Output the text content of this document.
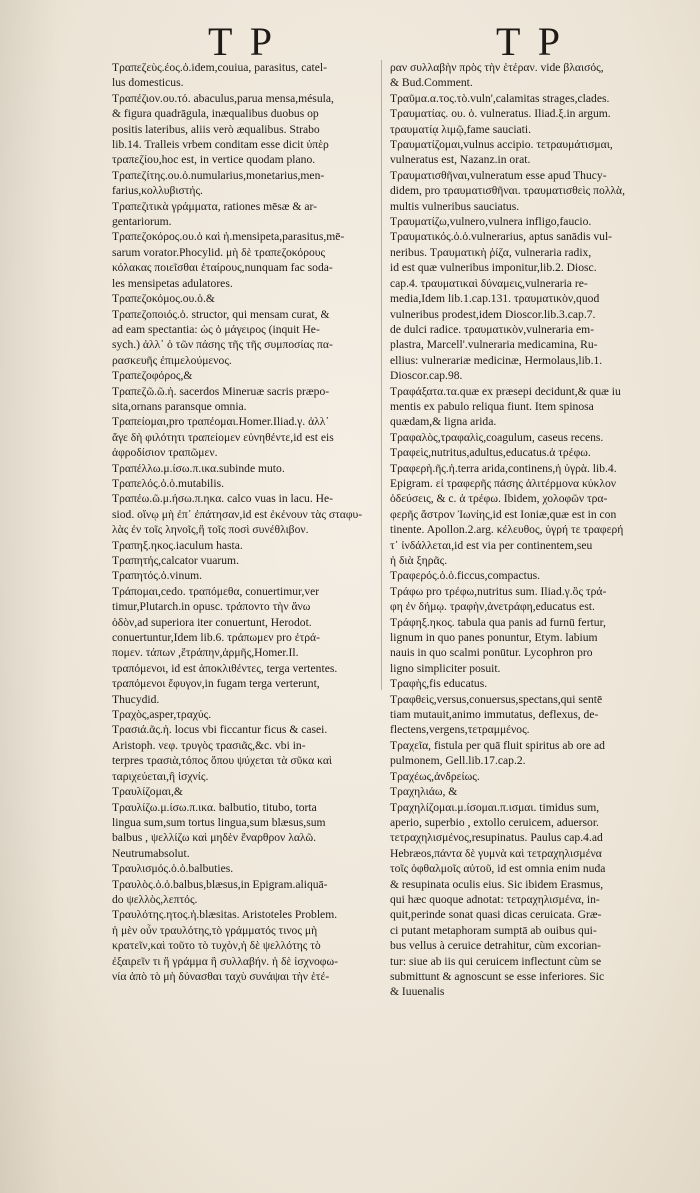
T P	T P
Τραπεζεὺς.έος.ὁ.idem,couiua, parasitus, catel-
lus domesticus.
Τραπέζιον.ου.τό. abaculus,parua mensa,mésula,
& figura quadrāgula, inæqualibus duobus op
positis lateribus, aliis verò æqualibus. Strabo
lib.14. Tralleis vrbem conditam esse dicit ὑπὲρ
τραπεζίου,hoc est, in vertice quodam plano.
Τραπεζίτης.ου.ὁ.numularius,monetarius,men-
farius,κολλυβιστής.
Τραπεζιτικὰ γράμματα, rationes mēsæ & ar-
gentariorum.
Τραπεζοκόρος.ου.ὁ καὶ ἡ.mensipeta,parasitus,mē-
sarum vorator.Phocylid. μὴ δὲ τραπεζοκόρους
κόλακας ποιεῖσθαι ἑταίρους,nunquam fac soda-
les mensipetas adulatores.
Τραπεζοκόμος.ου.ὁ.&
Τραπεζοποιός.ὁ. structor, qui mensam curat, &
ad eam spectantia: ὡς ὁ μάγειρος (inquit He-
sych.) ἀλλ᾽ ὁ τῶν πάσης τῆς τῆς συμποσίας πα-
ρασκευῆς ἐπιμελούμενος.
Τραπεζοφόρος,&
Τραπεζῶ.ῶ.ἡ. sacerdos Mineruæ sacris præpo-
sita,ornans paransque omnia.
Τραπείομαι,pro τραπέομαι.Homer.Iliad.γ. ἀλλ᾽
ἄγε δὴ φιλότητι τραπείομεν εὐνηθέντε,id est eis
ἀφροδίσιον τραπῶμεν.
Τραπέλλω.μ.ίσω.π.ικα.subinde muto.
Τραπελός.ὁ.ὁ.mutabilis.
Τραπέω.ῶ.μ.ήσω.π.ηκα. calco vuas in lacu. He-
siod. οἴνῳ μὴ ἐπ᾽ ἐπάτησαν,id est ἐκένουν τὰς σταφυ-
λὰς ἐν τοῖς ληνοῖς,ἢ τοῖς ποσὶ συνέθλιβον.
Τραπηξ.ηκος.iaculum hasta.
Τραπητής,calcator vuarum.
Τραπητός.ὁ.vinum.
Τράπομαι,cedo. τραπόμεθα, conuertimur,ver
timur,Plutarch.in opusc. τράποντο τὴν ἄνω
ὁδὸν,ad superiora iter conuertunt, Herodot.
conuertuntur,Idem lib.6. τράπωμεν pro ἐτρά-
πομεν. τάπων ,ἔτράπην,ἀρμῆς,Homer.Il.
τραπόμενοι, id est ἀποκλιθέντες, terga vertentes.
τραπόμενοι ἔφυγον,in fugam terga verterunt,
Thucydid.
Τραχὸς,asper,τραχύς.
Τρασιά.ᾶς.ἡ. locus vbi ficcantur ficus & casei.
Aristoph. νεφ. τρυγὸς τρασιᾶς,&c. vbi in-
terpres τρασιὰ,τόπος ὅπου ψύχεται τὰ σῦκα καὶ
ταριχεύεται,ἢ ἰσχνίς.
Τραυλίζομαι,&
Τραυλίζω.μ.ίσω.π.ικα. balbutio, titubo, torta
lingua sum,sum tortus lingua,sum blæsus,sum
balbus , ψελλίζω καὶ μηδὲν ἔναρθρον λαλῶ.
Neutrumabsolut.
Τραυλισμός.ὁ.ὁ.balbuties.
Τραυλὸς.ὁ.ὁ.balbus,blæsus,in Epigram.aliquā-
do ψελλὸς,λεπτός.
Τραυλότης.ητος.ἡ.blæsitas. Aristoteles Problem.
ἡ μὲν οὖν τραυλότης,τὸ γράμματός τινος μὴ
κρατεῖν,καὶ τοῦτο τὸ τυχὸν,ἡ δὲ ψελλότης τὸ
ἐξαιρεῖν τι ἢ γράμμα ἢ συλλαβήν. ἡ δὲ ἰσχνοφω-
νία ἀπὸ τὸ μὴ δύνασθαι ταχὺ συνάψαι τὴν ἑτέ-
ραν συλλαβὴν πρὸς τὴν ἑτέραν. vide βλαισός,
& Bud.Comment.
Τραῦμα.α.τος.τὸ.vuln',calamitas strages,clades.
Τραυματίας. ου. ὁ. vulneratus. Iliad.ξ.in argum.
τραυματίᾳ λιμῷ,fame sauciati.
Τραυματίζομαι,vulnus accipio. τετραυμάτισμαι,
vulneratus est, Nazanz.in orat.
Τραυματισθῆναι,vulneratum esse apud Thucy-
didem, pro τραυματισθῆναι. τραυματισθεὶς πολλὰ,
multis vulneribus sauciatus.
Τραυματίζω,vulnero,vulnera infligo,faucio.
Τραυματικός.ὁ.ὁ.vulnerarius, aptus sanādis vul-
neribus. Τραυματικὴ ῥίζα, vulneraria radix,
id est quæ vulneribus imponitur,lib.2. Diosc.
cap.4. τραυματικαὶ δύναμεις,vulneraria re-
media,Idem lib.1.cap.131. τραυματικὸν,quod
vulneribus prodest,idem Dioscor.lib.3.cap.7.
de dulci radice. τραυματικὸν,vulneraria em-
plastra, Marcell'.vulneraria medicamina, Ru-
ellius: vulnerariæ medicinæ, Hermolaus,lib.1.
Dioscor.cap.98.
Τραφάξατα.τα.quæ ex præsepi decidunt,& quæ iu
mentis ex pabulo reliqua fiunt. Item spinosa
quædam,& ligna arida.
Τραφαλὸς,τραφαλὶς,coagulum, caseus recens.
Τραφεὶς,nutritus,adultus,educatus.ἀ τρέφω.
Τραφερὴ.ῆς.ἡ.terra arida,continens,ἡ ὑγρὰ. lib.4.
Epigram. εἰ τραφερῆς πάσης ἀλιτέρμονα κύκλον
ὁδεύσεις, & c. ἀ τρέφω. Ibidem, χολοφῶν τρα-
φερῆς ἄστρον Ἰωνίης,id est Ioniæ,quæ est in con
tinente. Apollon.2.arg. κέλευθος, ὑγρή τε τραφερή
τ᾽ ἰνδάλλεται,id est via per continentem,seu
ἡ διὰ ξηρᾶς.
Τραφερός.ὁ.ὁ.ficcus,compactus.
Τράφω pro τρέφω,nutritus sum. Iliad.γ.ὃς τρά-
φη ἐν δήμῳ. τραφὴν,ἀνετράφη,educatus est.
Τράφηξ.ηκος. tabula qua panis ad furnū fertur,
lignum in quo panes ponuntur, Etym. labium
nauis in quo scalmi ponūtur. Lycophron pro
ligno simpliciter posuit.
Τραφὴς,fis educatus.
Τραφθεὶς,versus,conuersus,spectans,qui sentē
tiam mutauit,animo immutatus, deflexus, de-
flectens,vergens,τετραμμένος.
Τραχεῖα, fistula per quā fluit spiritus ab ore ad
pulmonem, Gell.lib.17.cap.2.
Τραχέως,ἀνδρείως.
Τραχηλιάω, &
Τραχηλίζομαι.μ.ίσομαι.π.ισμαι. timidus sum,
aperio, superbio , extollo ceruicem, aduersor.
τετραχηλισμένος,resupinatus. Paulus cap.4.ad
Hebræos,πάντα δὲ γυμνὰ καὶ τετραχηλισμένα
τοῖς ὀφθαλμοῖς αὐτοῦ, id est omnia enim nuda
& resupinata oculis eius. Sic ibidem Erasmus,
qui hæc quoque adnotat: τετραχηλισμένα, in-
quit,perinde sonat quasi dicas ceruicata. Græ-
ci putant metaphoram sumptā ab ouibus qui-
bus vellus à ceruice detrahitur, cùm excorian-
tur: siue ab iis qui ceruicem inflectunt cùm se
submittunt & agnoscunt se esse inferiores. Sic
& Iuuenalis
